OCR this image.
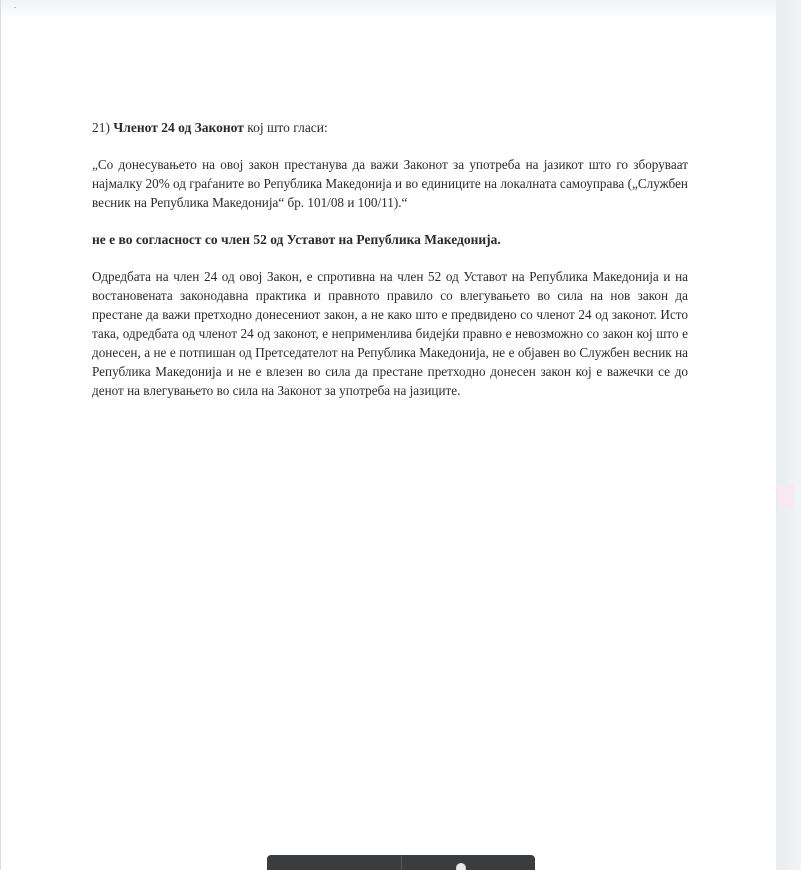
˘

21) Членот 24 од Законот кој што гласи:

„Со донесувањето на овој закон престанува да важи Законот за употреба на јазикот што го зборуваат најмалку 20% од граѓаните во Република Македонија и во единиците на локалната самоуправа („Службен весник на Република Македонија“ бр. 101/08 и 100/11).“

не е во согласност со член 52 од Уставот на Република Македонија.

Одредбата на член 24 од овој Закон, е спротивна на член 52 од Уставот на Република Македонија и на востановената законодавна практика и правното правило со влегувањето во сила на нов закон да престане да важи претходно донесениот закон, а не како што е предвидено со членот 24 од законот. Исто така, одредбата од членот 24 од законот, е неприменлива бидејќи правно е невозможно со закон кој што е донесен, а не е потпишан од Претседателот на Република Македонија, не е објавен во Службен весник на Република Македонија и не е влезен во сила да престане претходно донесен закон кој е важечки се до денот на влегувањето во сила на Законот за употреба на јазиците.
